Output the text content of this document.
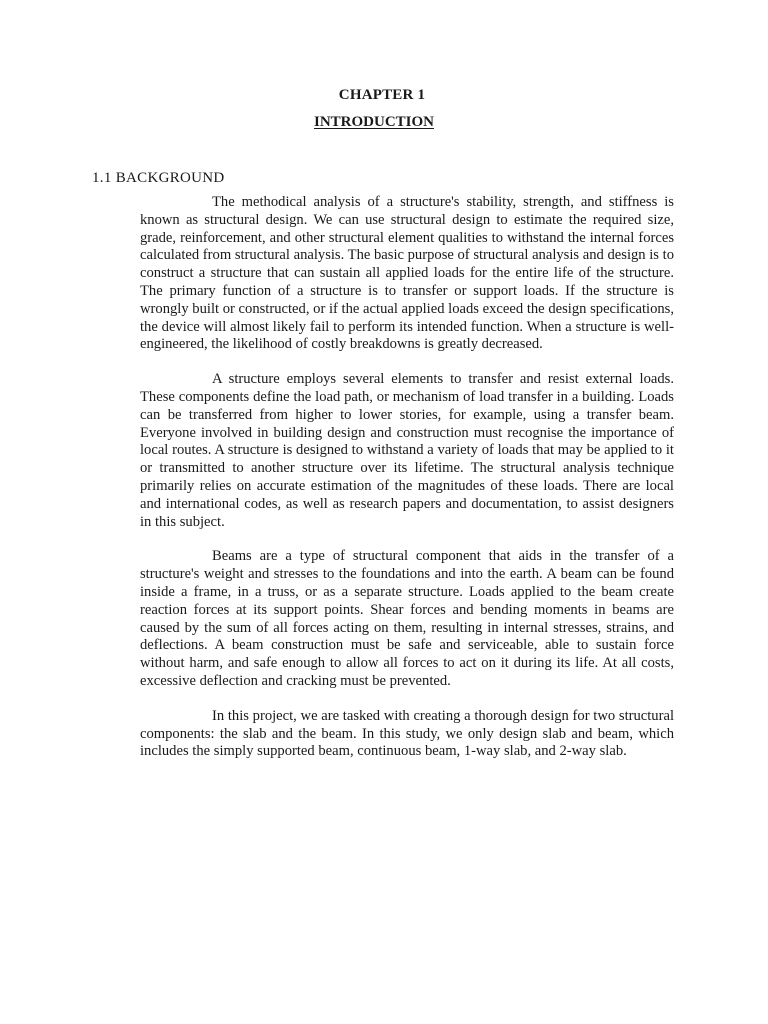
CHAPTER 1
INTRODUCTION
1.1 BACKGROUND

The methodical analysis of a structure's stability, strength, and stiffness is known as structural design. We can use structural design to estimate the required size, grade, reinforcement, and other structural element qualities to withstand the internal forces calculated from structural analysis. The basic purpose of structural analysis and design is to construct a structure that can sustain all applied loads for the entire life of the structure. The primary function of a structure is to transfer or support loads. If the structure is wrongly built or constructed, or if the actual applied loads exceed the design specifications, the device will almost likely fail to perform its intended function. When a structure is well-engineered, the likelihood of costly breakdowns is greatly decreased.

A structure employs several elements to transfer and resist external loads. These components define the load path, or mechanism of load transfer in a building. Loads can be transferred from higher to lower stories, for example, using a transfer beam. Everyone involved in building design and construction must recognise the importance of local routes. A structure is designed to withstand a variety of loads that may be applied to it or transmitted to another structure over its lifetime. The structural analysis technique primarily relies on accurate estimation of the magnitudes of these loads. There are local and international codes, as well as research papers and documentation, to assist designers in this subject.

Beams are a type of structural component that aids in the transfer of a structure's weight and stresses to the foundations and into the earth. A beam can be found inside a frame, in a truss, or as a separate structure. Loads applied to the beam create reaction forces at its support points. Shear forces and bending moments in beams are caused by the sum of all forces acting on them, resulting in internal stresses, strains, and deflections. A beam construction must be safe and serviceable, able to sustain force without harm, and safe enough to allow all forces to act on it during its life. At all costs, excessive deflection and cracking must be prevented.

In this project, we are tasked with creating a thorough design for two structural components: the slab and the beam. In this study, we only design slab and beam, which includes the simply supported beam, continuous beam, 1-way slab, and 2-way slab.
